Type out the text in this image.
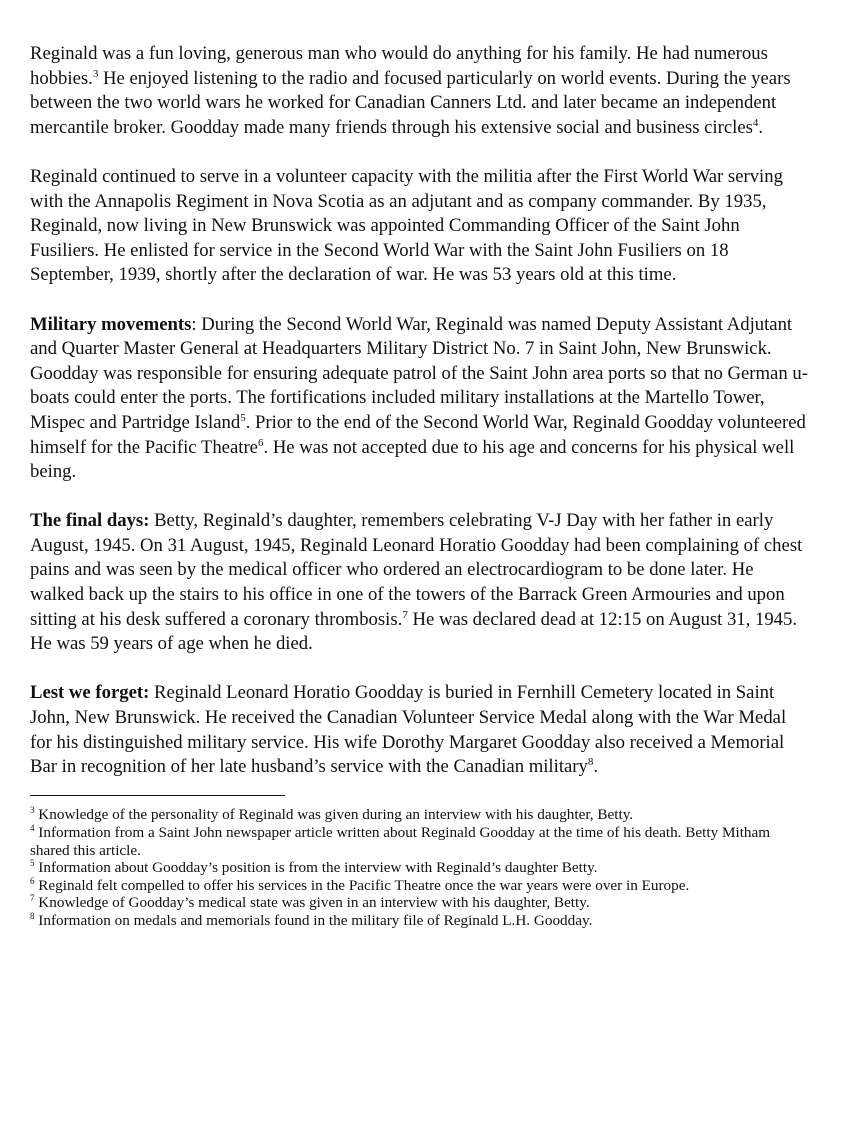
Reginald was a fun loving, generous man who would do anything for his family. He had numerous hobbies.$^3$ He enjoyed listening to the radio and focused particularly on world events. During the years between the two world wars he worked for Canadian Canners Ltd. and later became an independent mercantile broker. Goodday made many friends through his extensive social and business circles$^4$.

Reginald continued to serve in a volunteer capacity with the militia after the First World War serving with the Annapolis Regiment in Nova Scotia as an adjutant and as company commander. By 1935, Reginald, now living in New Brunswick was appointed Commanding Officer of the Saint John Fusiliers. He enlisted for service in the Second World War with the Saint John Fusiliers on 18 September, 1939, shortly after the declaration of war. He was 53 years old at this time.

Military movements: During the Second World War, Reginald was named Deputy Assistant Adjutant and Quarter Master General at Headquarters Military District No. 7 in Saint John, New Brunswick. Goodday was responsible for ensuring adequate patrol of the Saint John area ports so that no German u-boats could enter the ports. The fortifications included military installations at the Martello Tower, Mispec and Partridge Island$^5$. Prior to the end of the Second World War, Reginald Goodday volunteered himself for the Pacific Theatre$^6$. He was not accepted due to his age and concerns for his physical well being.

The final days: Betty, Reginald’s daughter, remembers celebrating V-J Day with her father in early August, 1945. On 31 August, 1945, Reginald Leonard Horatio Goodday had been complaining of chest pains and was seen by the medical officer who ordered an electrocardiogram to be done later. He walked back up the stairs to his office in one of the towers of the Barrack Green Armouries and upon sitting at his desk suffered a coronary thrombosis.$^7$ He was declared dead at 12:15 on August 31, 1945. He was 59 years of age when he died.

Lest we forget: Reginald Leonard Horatio Goodday is buried in Fernhill Cemetery located in Saint John, New Brunswick. He received the Canadian Volunteer Service Medal along with the War Medal for his distinguished military service. His wife Dorothy Margaret Goodday also received a Memorial Bar in recognition of her late husband’s service with the Canadian military$^8$.

$^3$ Knowledge of the personality of Reginald was given during an interview with his daughter, Betty.

$^4$ Information from a Saint John newspaper article written about Reginald Goodday at the time of his death. Betty Mitham shared this article.

$^5$ Information about Goodday’s position is from the interview with Reginald’s daughter Betty.

$^6$ Reginald felt compelled to offer his services in the Pacific Theatre once the war years were over in Europe.

$^7$ Knowledge of Goodday’s medical state was given in an interview with his daughter, Betty.

$^8$ Information on medals and memorials found in the military file of Reginald L.H. Goodday.
